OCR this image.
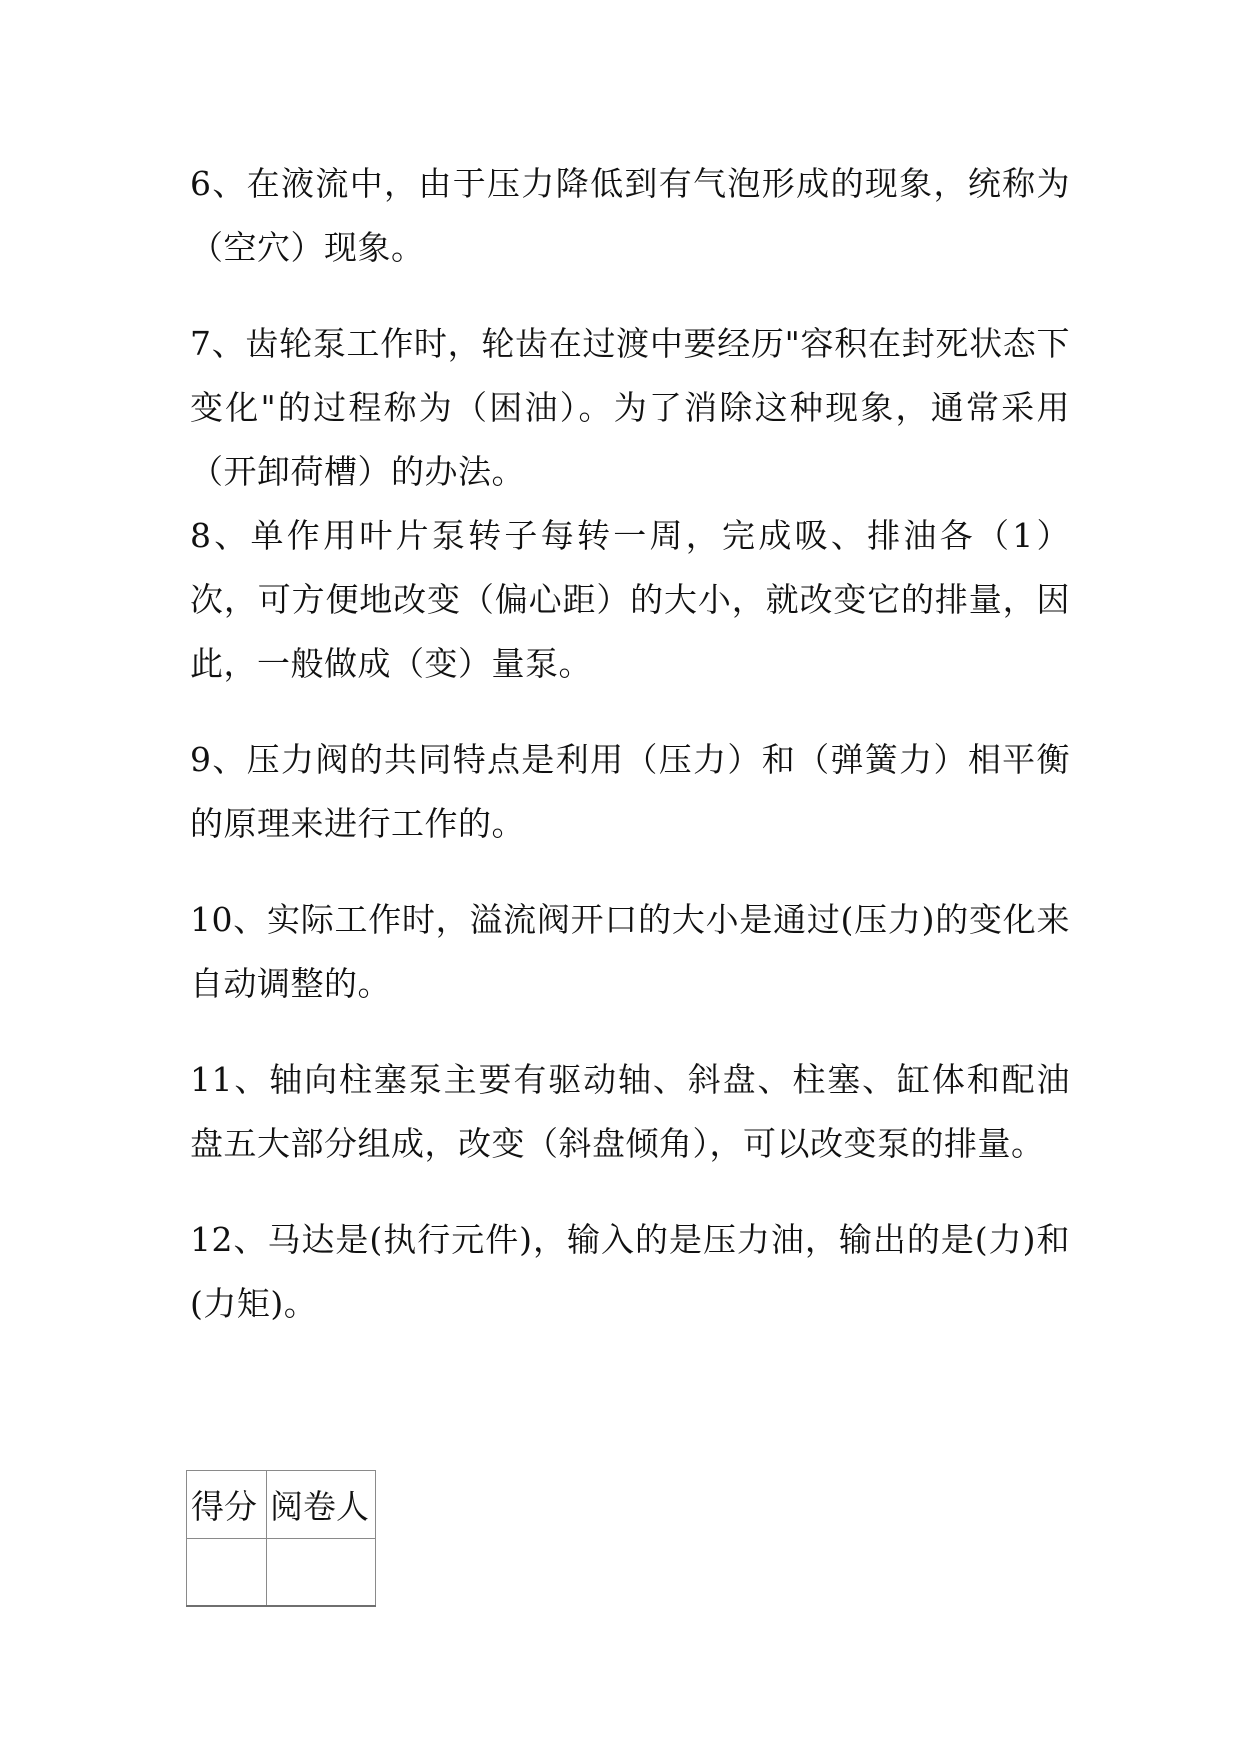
6、在液流中，由于压力降低到有气泡形成的现象，统称为（空穴）现象。

7、齿轮泵工作时，轮齿在过渡中要经历"容积在封死状态下变化"的过程称为（困油）。为了消除这种现象，通常采用（开卸荷槽）的办法。

8、单作用叶片泵转子每转一周，完成吸、排油各（1）次，可方便地改变（偏心距）的大小，就改变它的排量，因此，一般做成（变）量泵。

9、压力阀的共同特点是利用（压力）和（弹簧力）相平衡的原理来进行工作的。

10、实际工作时，溢流阀开口的大小是通过(压力)的变化来自动调整的。

11、轴向柱塞泵主要有驱动轴、斜盘、柱塞、缸体和配油盘五大部分组成，改变（斜盘倾角），可以改变泵的排量。

12、马达是(执行元件)，输入的是压力油，输出的是(力)和(力矩)。

得分	阅卷人
